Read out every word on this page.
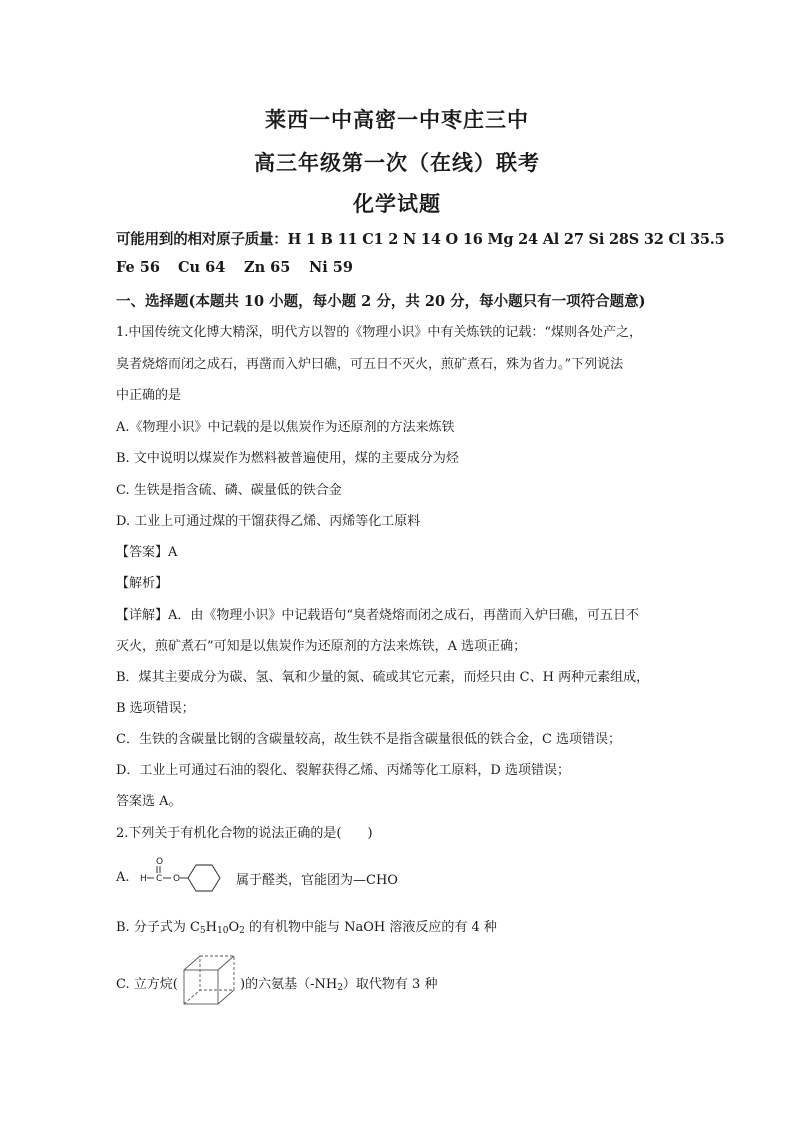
莱西一中高密一中枣庄三中
高三年级第一次（在线）联考
化学试题
可能用到的相对原子质量：H 1 B 11 C1 2 N 14 O 16 Mg 24 Al 27 Si 28S 32 Cl 35.5
Fe 56 Cu 64 Zn 65 Ni 59
一、选择题(本题共 10 小题，每小题 2 分，共 20 分，每小题只有一项符合题意)
1.中国传统文化博大精深，明代方以智的《物理小识》中有关炼铁的记载：“煤则各处产之，
臭者烧熔而闭之成石，再凿而入炉曰礁，可五日不灭火，煎矿煮石，殊为省力。”下列说法
中正确的是
A.《物理小识》中记载的是以焦炭作为还原剂的方法来炼铁
B. 文中说明以煤炭作为燃料被普遍使用，煤的主要成分为烃
C. 生铁是指含硫、磷、碳量低的铁合金
D. 工业上可通过煤的干馏获得乙烯、丙烯等化工原料
【答案】A
【解析】
【详解】A．由《物理小识》中记载语句“臭者烧熔而闭之成石，再凿而入炉曰礁，可五日不
灭火，煎矿煮石”可知是以焦炭作为还原剂的方法来炼铁，A 选项正确；
B．煤其主要成分为碳、氢、氧和少量的氮、硫或其它元素，而烃只由 C、H 两种元素组成，
B 选项错误；
C．生铁的含碳量比钢的含碳量较高，故生铁不是指含碳量很低的铁合金，C 选项错误；
D．工业上可通过石油的裂化、裂解获得乙烯、丙烯等化工原料，D 选项错误；
答案选 A。
2.下列关于有机化合物的说法正确的是(　　)
A. H C
O
O	属于醛类，官能团为—CHO
B. 分子式为 $C_5H_{10}O_2$ 的有机物中能与 NaOH 溶液反应的有 4 种
C. 立方烷(	)的六氨基$(-NH_2)$取代物有 3 种
